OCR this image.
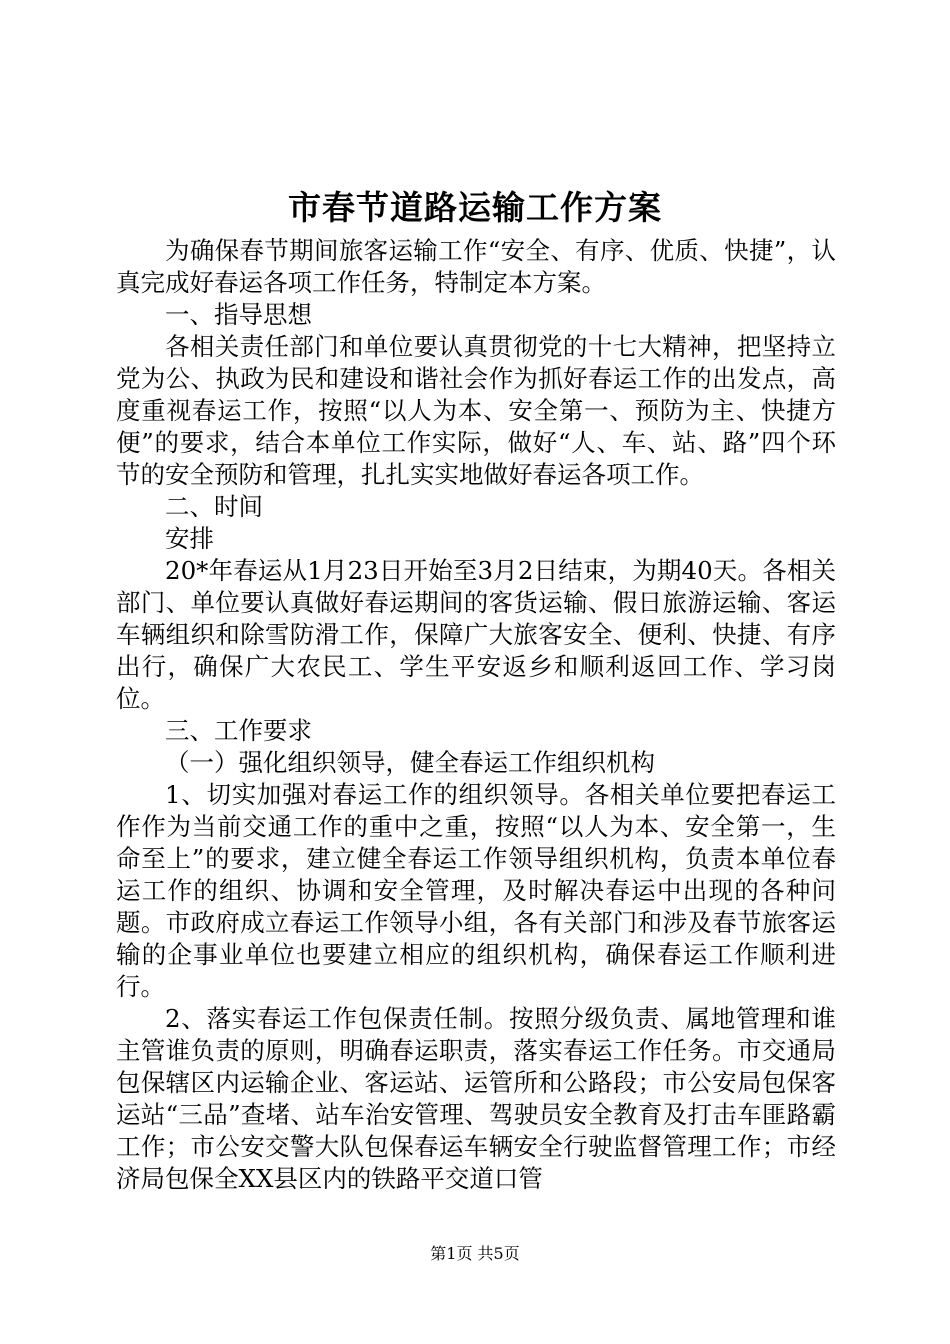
市春节道路运输工作方案

为确保春节期间旅客运输工作“安全、有序、优质、快捷”，认真完成好春运各项工作任务，特制定本方案。

一、指导思想

各相关责任部门和单位要认真贯彻党的十七大精神，把坚持立党为公、执政为民和建设和谐社会作为抓好春运工作的出发点，高度重视春运工作，按照“以人为本、安全第一、预防为主、快捷方便”的要求，结合本单位工作实际，做好“人、车、站、路”四个环节的安全预防和管理，扎扎实实地做好春运各项工作。

二、时间

安排

20*年春运从1月23日开始至3月2日结束，为期40天。各相关部门、单位要认真做好春运期间的客货运输、假日旅游运输、客运车辆组织和除雪防滑工作，保障广大旅客安全、便利、快捷、有序出行，确保广大农民工、学生平安返乡和顺利返回工作、学习岗位。

三、工作要求

（一）强化组织领导，健全春运工作组织机构

1、切实加强对春运工作的组织领导。各相关单位要把春运工作作为当前交通工作的重中之重，按照“以人为本、安全第一，生命至上”的要求，建立健全春运工作领导组织机构，负责本单位春运工作的组织、协调和安全管理，及时解决春运中出现的各种问题。市政府成立春运工作领导小组，各有关部门和涉及春节旅客运输的企事业单位也要建立相应的组织机构，确保春运工作顺利进行。

2、落实春运工作包保责任制。按照分级负责、属地管理和谁主管谁负责的原则，明确春运职责，落实春运工作任务。市交通局包保辖区内运输企业、客运站、运管所和公路段；市公安局包保客运站“三品”查堵、站车治安管理、驾驶员安全教育及打击车匪路霸工作；市公安交警大队包保春运车辆安全行驶监督管理工作；市经济局包保全XX县区内的铁路平交道口管

第1页 共5页
